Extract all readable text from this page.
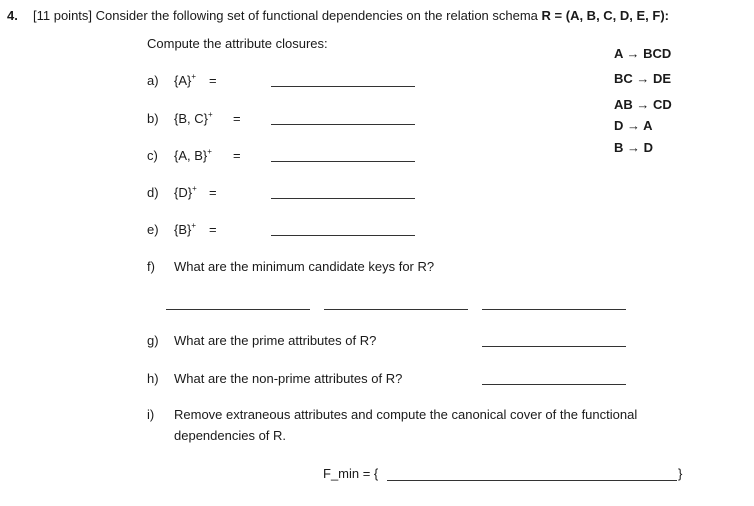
4. [11 points] Consider the following set of functional dependencies on the relation schema R = (A, B, C, D, E, F):
Compute the attribute closures:
A → BCD
BC → DE
AB → CD
D → A
B → D
a) {A}+ =
b) {B, C}+ =
c) {A, B}+ =
d) {D}+ =
e) {B}+ =
f) What are the minimum candidate keys for R?
g) What are the prime attributes of R?
h) What are the non-prime attributes of R?
i) Remove extraneous attributes and compute the canonical cover of the functional
dependencies of R.
F_min = {	}
